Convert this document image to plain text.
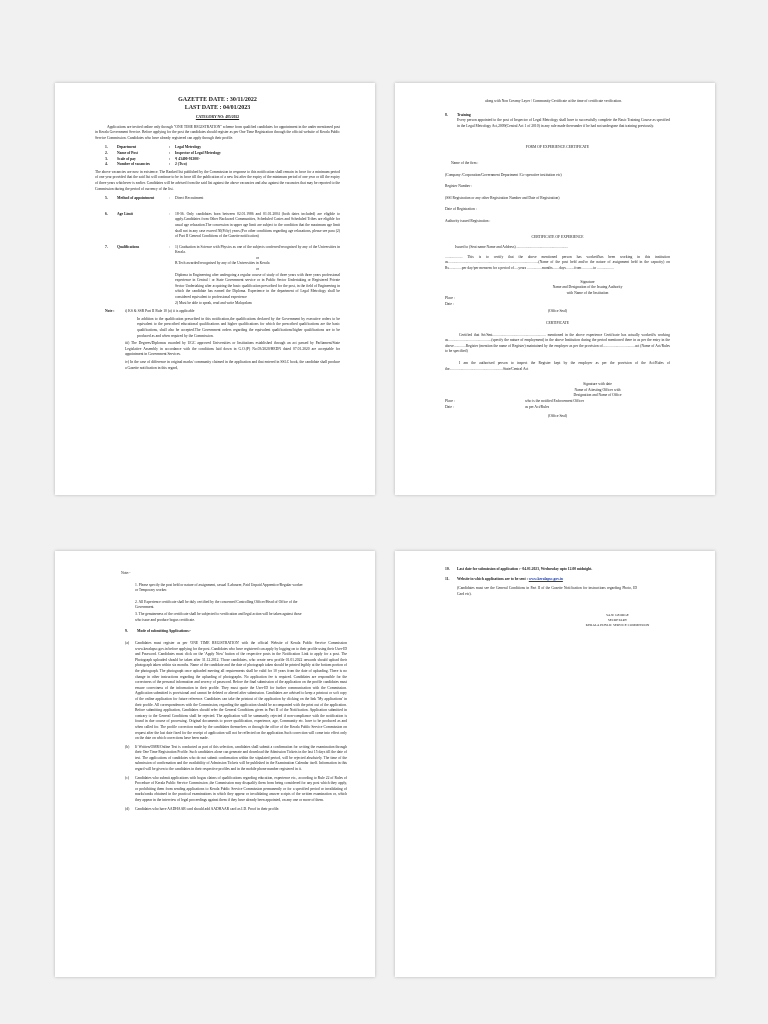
GAZETTE DATE : 30/11/2022
LAST DATE : 04/01/2023
CATEGORY NO: 485/2022

Applications are invited online only through "ONE TIME REGISTRATION" scheme from qualified candidates for appointment in the under mentioned post in Kerala Government Service. Before applying for the post the candidates should register as per One Time Registration through the official website of Kerala Public Service Commission. Candidates who have already registered can apply through their profile.

1.	Department	:	Legal Metrology
2.	Name of Post	:	Inspector of Legal Metrology
3.	Scale of pay	:	₹ 43400-91200/-
4.	Number of vacancies	:	2 (Two)

The above vacancies are now in existence. The Ranked list published by the Commission in response to this notification shall remain in force for a minimum period of one year provided that the said list will continue to be in force till the publication of a new list after the expiry of the minimum period of one year or till the expiry of three years whichever is earlier. Candidates will be advised from the said list against the above vacancies and also against the vacancies that may be reported to the Commission during the period of currency of the list.

5.	Method of appointment	:	Direct Recruitment
6.	Age Limit	:	18-36. Only candidates born between 02.01.1986 and 01.01.2004 (both dates included) are eligible to apply.Candidates from Other Backward Communities, Scheduled Castes and Scheduled Tribes are eligible for usual age relaxation.The concession in upper age limit are subject to the condition that the maximum age limit shall not in any case exceed 50(Fifty) years.(For other conditions regarding age relaxations, please see para (2) of Part II General Conditions of the Gazette notification)
7.	Qualifications	:	1) Graduation in Science with Physics as one of the subjects conferred/recognised by any of the Universities in Kerala.
or
B.Tech awarded/recognised by any of the Universities in Kerala
or
Diploma in Engineering after undergoing a regular course of study of three years with three years professional experience in Central / or State Government service or in Public Sector Undertaking or Registered Private Sector Undertaking after acquiring the basic qualification prescribed for the post, in the field of Engineering in which the candidate has earned the Diploma. Experience in the department of Legal Metrology shall be considered equivalent to professional experience
2) Must be able to speak, read and write Malayalam
Note :	i) KS & SSR Part II Rule 10 (a) ii is applicable
In addition to the qualification prescribed in this notification,the qualifications declared by the Government by executive orders to be equivalent to the prescribed educational qualifications and higher qualifications for which the prescribed qualifications are the basic qualifications, shall also be accepted.The Government orders regarding the equivalent qualifications/higher qualifications are to be produced as and when required by the Commission.
iii) The Degrees/Diplomas awarded by UGC approved Universities or Institutions established through an act passed by Parliament/State Legislative Assembly in accordance with the conditions laid down in G.O.(P) No.03/2020/HEDN dated 07.01.2020 are acceptable for appointment in Government Services.
iv) In the case of difference in original marks/ community claimed in the application and that entered in SSLC book, the candidate shall produce a Gazette notification in this regard,

along with Non Creamy Layer / Community Certificate at the time of certificate verification.

8.	Training

Every person appointed to the post of Inspector of Legal Metrology shall have to successfully complete the Basic Training Course as specified in the Legal Metrology Act,2009(Central Act 1 of 2010) in any rule made thereunder if he had not undergone that training previously.

FORM OF EXPERIENCE CERTIFICATE
Name of the firm :
(Company /Corporation/Government Department /Co-operative institution etc)
Register Number :
(SSI Registration or any other Registration Number and Date of Registration)
Date of Registration :
Authority issued Registration :
CERTIFICATE OF EXPERIENCE
Issued to (Seat name Name and Address) ........................................................

................... This is to certify that the above mentioned person has worked/has been working in this institution as..................................................................................................(Name of the post held and/or the nature of assignment held in the capacity) on Rs..............per day/per mensem for a period of.....years ................months.......days.........from ............to ..................

Signature
Name and Designation of the Issuing Authority
with Name of the Institution
Place :
Date :
(Office Seal)
CERTIFICATE

Certified that Sri/Smt.......................................................... mentioned in the above experience Certificate has actually worked/is working as...............................................(specify the nature of employment) in the above Institution during the period mentioned there in as per the entry in the above.............Register (mention the name of Register) maintained by the employer as per the provision of...................................act (Name of Act/Rules to be specified)

I am the authorised person to inspect the Register kept by the employer as per the provision of the Act/Rules of the..........................................................State/Central Act

Signature with date
Name of Attesting Officer with
Designation and Name of Office
Place :	who is the notified Enforcement Officer
Date :	as per Act/Rules
(Office Seal)
Note:-
1. Please specify the post held or nature of assignment, casual /Labourer, Paid Unpaid Apprentice/Regular worker or Temporary worker.
2. All Experience certificate shall be duly certified by the concerned Controlling Officer/Head of Office of the Government.
3. The genuineness of the certificate shall be subjected to verification and legal action will be taken against those who issue and produce bogus certificate.
9.	Mode of submitting Applications:-
(a)	Candidates must register as per 'ONE TIME REGISTRATION' with the official Website of Kerala Public Service Commission www.keralapsc.gov.in before applying for the post. Candidates who have registered can apply by logging on to their profile using their User-ID and Password. Candidates must click on the 'Apply Now' button of the respective posts in the Notification Link to apply for a post. The Photograph uploaded should be taken after 31.12.2012. Those candidates, who create new profile 01.01.2022 onwards should upload their photograph taken within six months. Name of the candidate and the date of photograph taken should be printed legibly at the bottom portion of the photograph. The photograph once uploaded meeting all requirements shall be valid for 10 years from the date of uploading. There is no change in other instructions regarding the uploading of photographs. No application fee is required. Candidates are responsible for the correctness of the personal information and secrecy of password. Before the final submission of the application on the profile candidates must ensure correctness of the information in their profile. They must quote the User-ID for further communication with the Commission. Application submitted is provisional and cannot be deleted or altered after submission. Candidates are advised to keep a printout or soft copy of the online application for future reference. Candidates can take the printout of the application by clicking on the link 'My applications' in their profile. All correspondences with the Commission, regarding the application should be accompanied with the print out of the application. Before submitting application, Candidates should refer the General Conditions given in Part II of the Notification. Application submitted in contrary to the General Conditions shall be rejected. The application will be summarily rejected if non-compliance with the notification is found in due course of processing. Original documents to prove qualification, experience, age, Community etc. have to be produced as and when called for. The profile correction made by the candidates themselves or through the office of the Kerala Public Service Commission on request after the last date fixed for the receipt of application will not be reflected on the application.Such correction will come into effect only on the date on which corrections have been made.
(b)	If Written/OMR/Online Test is conducted as part of this selection, candidates shall submit a confirmation for writing the examination through their One Time Registration Profile. Such candidates alone can generate and download the Admission Tickets in the last 15 days till the date of test. The applications of candidates who do not submit confirmation within the stipulated period, will be rejected absolutely. The time of the submission of confirmation and the availability of Admission Tickets will be published in the Examination Calendar itself. Information in this regard will be given to the candidates in their respective profiles and in the mobile phone number registered in it.
(c)	Candidates who submit applications with bogus claims of qualifications regarding education, experience etc., according to Rule 22 of Rules of Procedure of Kerala Public Service Commission ,the Commission may disqualify them from being considered for any post which they apply, or prohibiting them from sending applications to Kerala Public Service Commission permanently or for a specified period or invalidating of marks/ranks obtained in the practical examinations in which they appear or invalidating answer scripts of the written examination or, which they appear in the interview of legal proceedings against them if they have already been appointed, on any one or more of them.
(d)	Candidates who have AADHAAR card should add AADHAAR card as I.D. Proof in their profile.
10.	Last date for submission of application :- 04.01.2023, Wednesday upto 12.00 midnight.
11.	Website in which applications are to be sent : www.keralapsc.gov.in

(Candidates must see the General Conditions in Part II of the Gazette Notification for instructions regarding Photo, ID Card etc).

SAJU GEORGE
SECRETARY
KERALA PUBLIC SERVICE COMMISSION
